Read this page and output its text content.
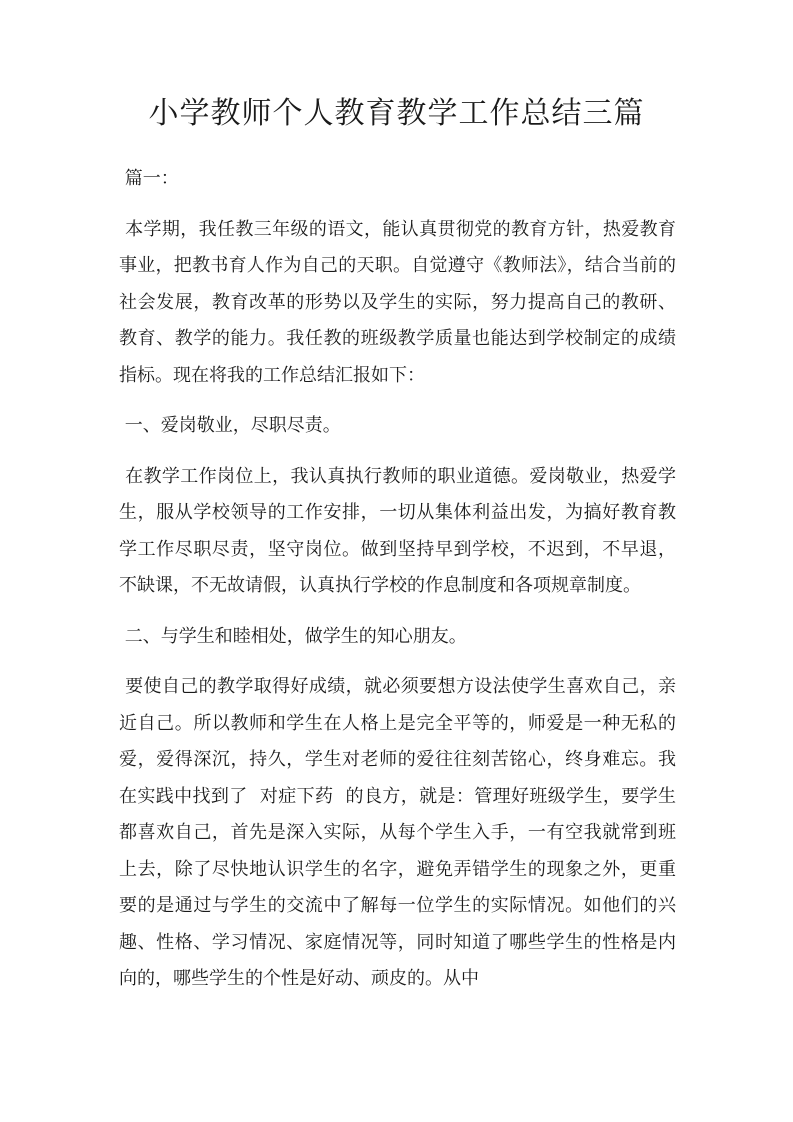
小学教师个人教育教学工作总结三篇

篇一：

本学期，我任教三年级的语文，能认真贯彻党的教育方针，热爱教育事业，把教书育人作为自己的天职。自觉遵守《教师法》，结合当前的社会发展，教育改革的形势以及学生的实际，努力提高自己的教研、教育、教学的能力。我任教的班级教学质量也能达到学校制定的成绩指标。现在将我的工作总结汇报如下：

一、爱岗敬业，尽职尽责。

在教学工作岗位上，我认真执行教师的职业道德。爱岗敬业，热爱学生，服从学校领导的工作安排，一切从集体利益出发，为搞好教育教学工作尽职尽责，坚守岗位。做到坚持早到学校，不迟到，不早退，不缺课，不无故请假，认真执行学校的作息制度和各项规章制度。

二、与学生和睦相处，做学生的知心朋友。

要使自己的教学取得好成绩，就必须要想方设法使学生喜欢自己，亲近自己。所以教师和学生在人格上是完全平等的，师爱是一种无私的爱，爱得深沉，持久，学生对老师的爱往往刻苦铭心，终身难忘。我在实践中找到了  对症下药  的良方，就是：管理好班级学生，要学生都喜欢自己，首先是深入实际，从每个学生入手，一有空我就常到班上去，除了尽快地认识学生的名字，避免弄错学生的现象之外，更重要的是通过与学生的交流中了解每一位学生的实际情况。如他们的兴趣、性格、学习情况、家庭情况等，同时知道了哪些学生的性格是内向的，哪些学生的个性是好动、顽皮的。从中
